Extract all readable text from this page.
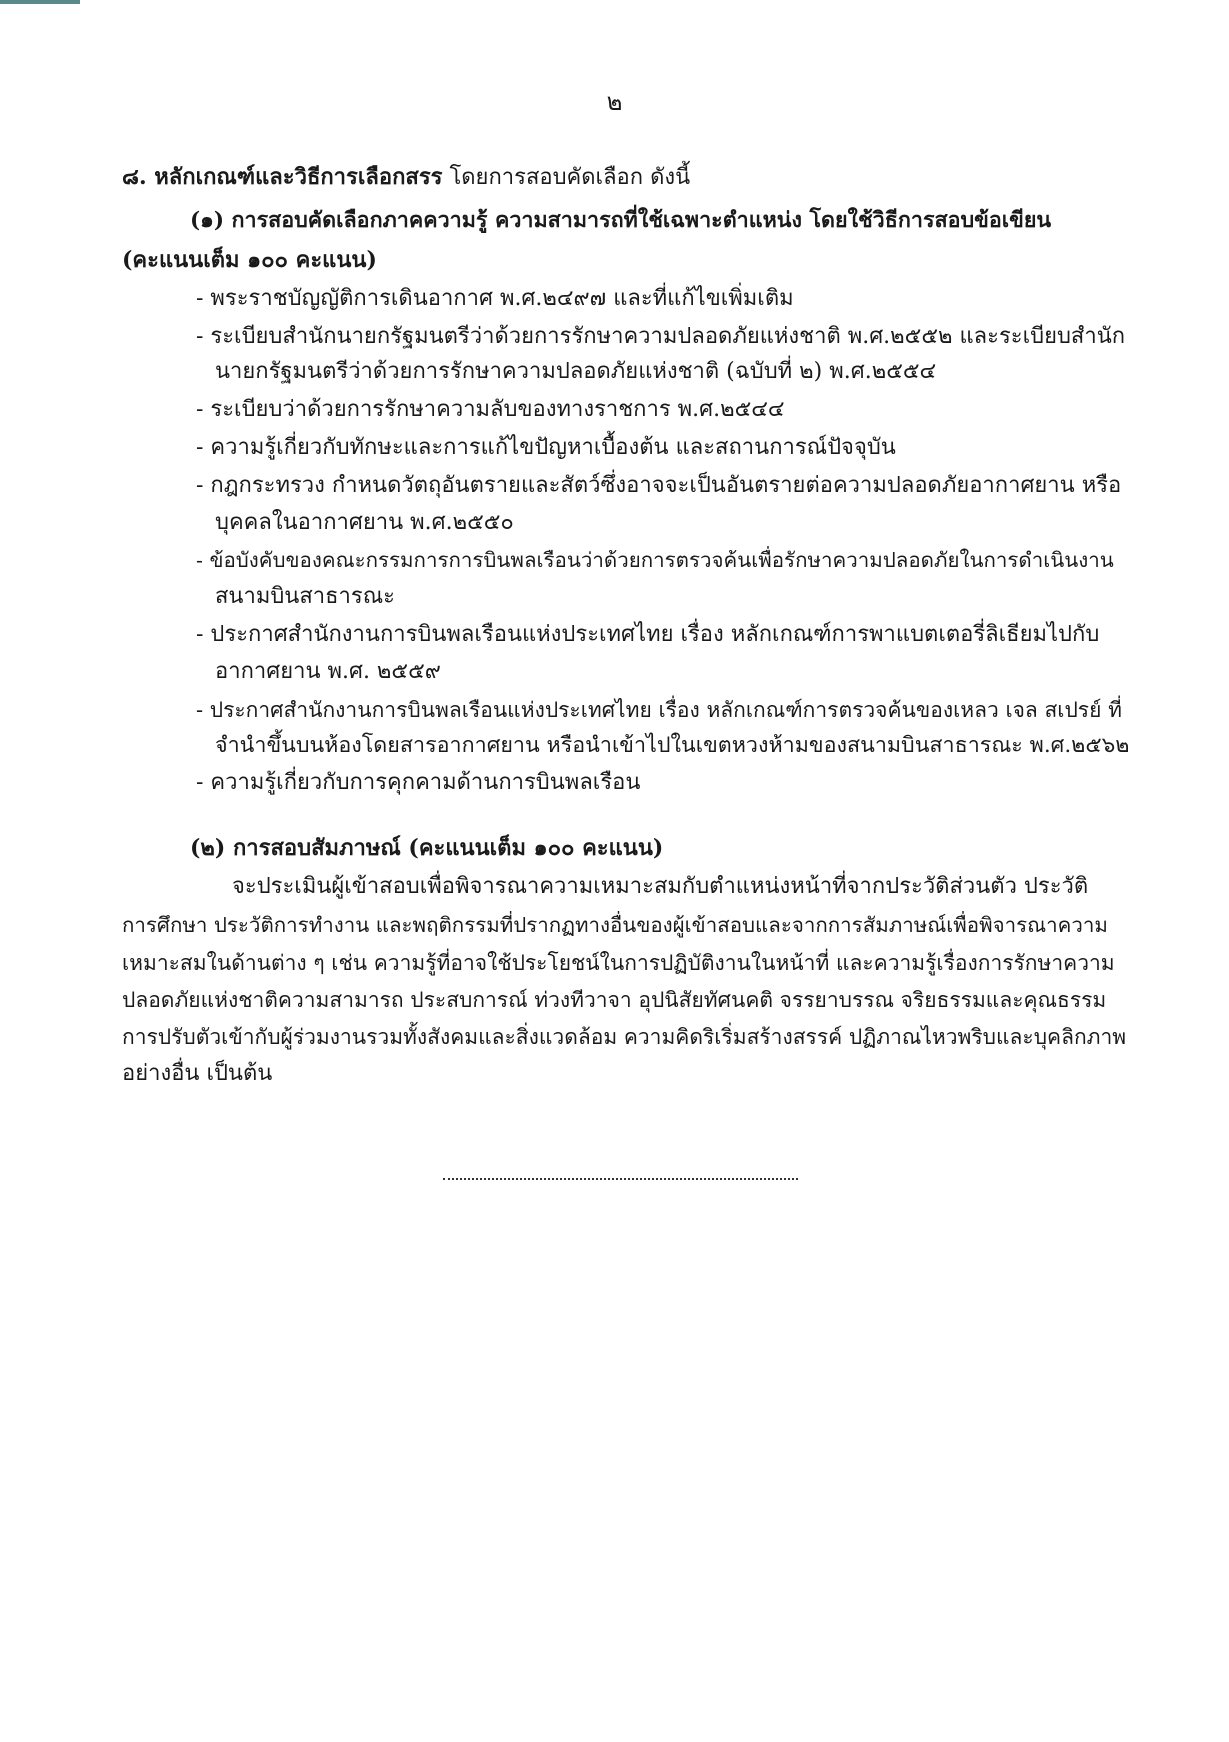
๒
๘. หลักเกณฑ์และวิธีการเลือกสรร โดยการสอบคัดเลือก ดังนี้
(๑) การสอบคัดเลือกภาคความรู้ ความสามารถที่ใช้เฉพาะตำแหน่ง โดยใช้วิธีการสอบข้อเขียน
(คะแนนเต็ม ๑๐๐ คะแนน)
- พระราชบัญญัติการเดินอากาศ พ.ศ.๒๔๙๗ และที่แก้ไขเพิ่มเติม
- ระเบียบสำนักนายกรัฐมนตรีว่าด้วยการรักษาความปลอดภัยแห่งชาติ พ.ศ.๒๕๕๒ และระเบียบสำนัก
นายกรัฐมนตรีว่าด้วยการรักษาความปลอดภัยแห่งชาติ (ฉบับที่ ๒) พ.ศ.๒๕๕๔
- ระเบียบว่าด้วยการรักษาความลับของทางราชการ พ.ศ.๒๕๔๔
- ความรู้เกี่ยวกับทักษะและการแก้ไขปัญหาเบื้องต้น และสถานการณ์ปัจจุบัน
- กฎกระทรวง กำหนดวัตถุอันตรายและสัตว์ซึ่งอาจจะเป็นอันตรายต่อความปลอดภัยอากาศยาน หรือ
บุคคลในอากาศยาน พ.ศ.๒๕๕๐
- ข้อบังคับของคณะกรรมการการบินพลเรือนว่าด้วยการตรวจค้นเพื่อรักษาความปลอดภัยในการดำเนินงาน
สนามบินสาธารณะ
- ประกาศสำนักงานการบินพลเรือนแห่งประเทศไทย เรื่อง หลักเกณฑ์การพาแบตเตอรี่ลิเธียมไปกับ
อากาศยาน พ.ศ. ๒๕๕๙
- ประกาศสำนักงานการบินพลเรือนแห่งประเทศไทย เรื่อง หลักเกณฑ์การตรวจค้นของเหลว เจล สเปรย์ ที่
จำนำขึ้นบนห้องโดยสารอากาศยาน หรือนำเข้าไปในเขตหวงห้ามของสนามบินสาธารณะ พ.ศ.๒๕๖๒
- ความรู้เกี่ยวกับการคุกคามด้านการบินพลเรือน
(๒) การสอบสัมภาษณ์ (คะแนนเต็ม ๑๐๐ คะแนน)
จะประเมินผู้เข้าสอบเพื่อพิจารณาความเหมาะสมกับตำแหน่งหน้าที่จากประวัติส่วนตัว ประวัติ
การศึกษา ประวัติการทำงาน และพฤติกรรมที่ปรากฏทางอื่นของผู้เข้าสอบและจากการสัมภาษณ์เพื่อพิจารณาความ
เหมาะสมในด้านต่าง ๆ เช่น ความรู้ที่อาจใช้ประโยชน์ในการปฏิบัติงานในหน้าที่ และความรู้เรื่องการรักษาความ
ปลอดภัยแห่งชาติความสามารถ ประสบการณ์ ท่วงทีวาจา อุปนิสัยทัศนคติ จรรยาบรรณ จริยธรรมและคุณธรรม
การปรับตัวเข้ากับผู้ร่วมงานรวมทั้งสังคมและสิ่งแวดล้อม ความคิดริเริ่มสร้างสรรค์ ปฏิภาณไหวพริบและบุคลิกภาพ
อย่างอื่น เป็นต้น
